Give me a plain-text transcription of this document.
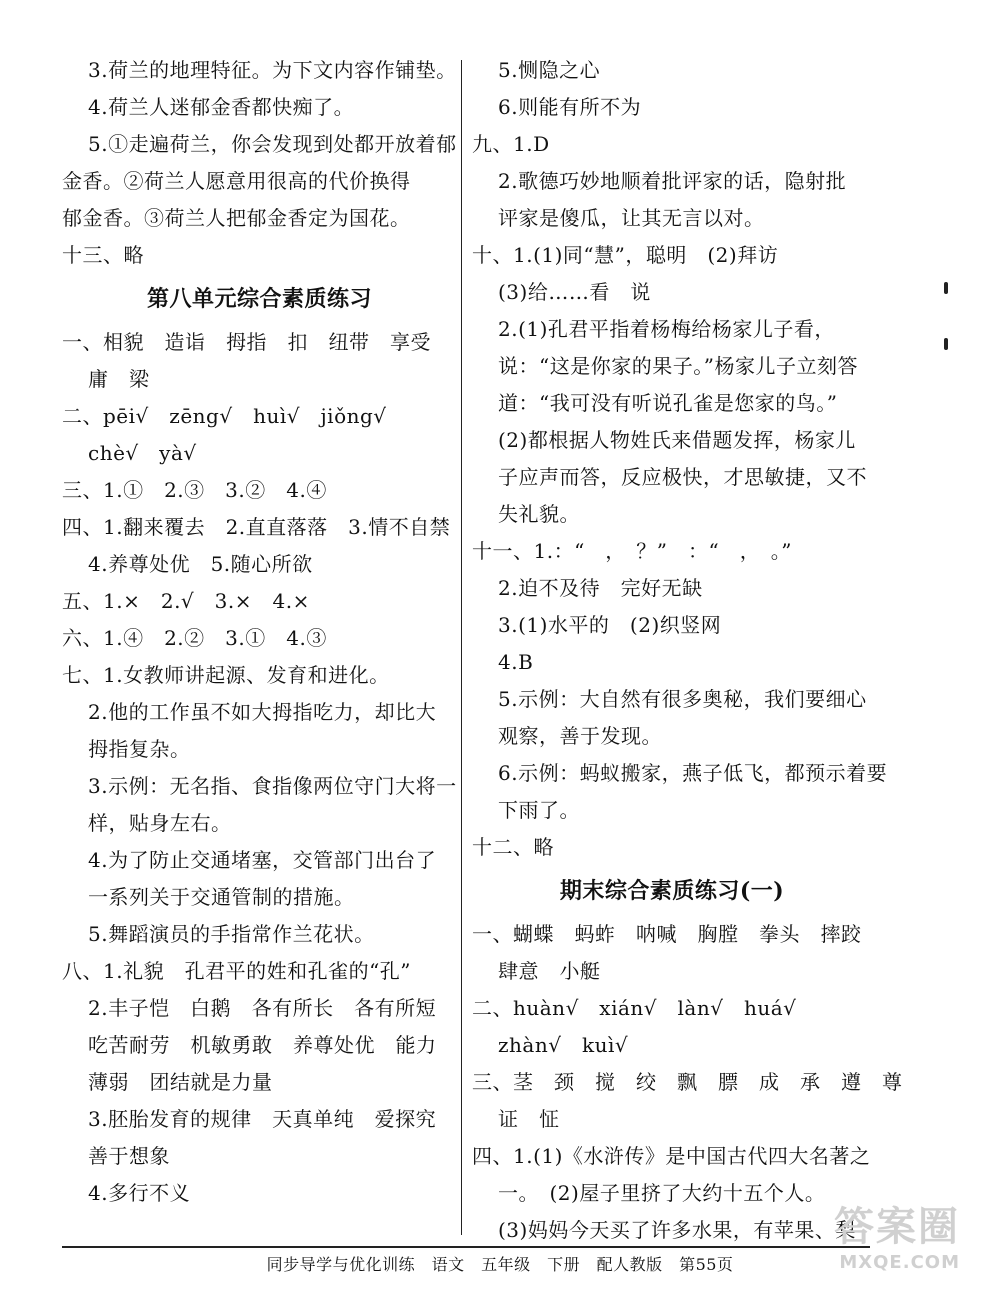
3.荷兰的地理特征。为下文内容作铺垫。
4.荷兰人迷郁金香都快痴了。
5.①走遍荷兰，你会发现到处都开放着郁
金香。②荷兰人愿意用很高的代价换得
郁金香。③荷兰人把郁金香定为国花。
十三、略
第八单元综合素质练习
一、相貌　造诣　拇指　扣　纽带　享受
庸　梁
二、pēi√　zēng√　huì√　jiǒng√
chè√　yà√
三、1.①　2.③　3.②　4.④
四、1.翻来覆去　2.直直落落　3.情不自禁
4.养尊处优　5.随心所欲
五、1.×　2.√　3.×　4.×
六、1.④　2.②　3.①　4.③
七、1.女教师讲起源、发育和进化。
2.他的工作虽不如大拇指吃力，却比大
拇指复杂。
3.示例：无名指、食指像两位守门大将一
样，贴身左右。
4.为了防止交通堵塞，交管部门出台了
一系列关于交通管制的措施。
5.舞蹈演员的手指常作兰花状。
八、1.礼貌　孔君平的姓和孔雀的“孔”
2.丰子恺　白鹅　各有所长　各有所短
吃苦耐劳　机敏勇敢　养尊处优　能力
薄弱　团结就是力量
3.胚胎发育的规律　天真单纯　爱探究
善于想象
4.多行不义
5.恻隐之心
6.则能有所不为
九、1.D
2.歌德巧妙地顺着批评家的话，隐射批
评家是傻瓜，让其无言以对。
十、1.(1)同“慧”，聪明　(2)拜访
(3)给……看　说
2.(1)孔君平指着杨梅给杨家儿子看，
说：“这是你家的果子。”杨家儿子立刻答
道：“我可没有听说孔雀是您家的鸟。”
(2)都根据人物姓氏来借题发挥，杨家儿
子应声而答，反应极快，才思敏捷，又不
失礼貌。
十一、1.：“　，　？”　：“　，　。”
2.迫不及待　完好无缺
3.(1)水平的　(2)织竖网
4.B
5.示例：大自然有很多奥秘，我们要细心
观察，善于发现。
6.示例：蚂蚁搬家，燕子低飞，都预示着要
下雨了。
十二、略
期末综合素质练习(一)
一、蝴蝶　蚂蚱　呐喊　胸膛　拳头　摔跤
肆意　小艇
二、huàn√　xián√　làn√　huá√
zhàn√　kuì√
三、茎　颈　搅　绞　飘　膘　成　承　遵　尊
证　怔
四、1.(1)《水浒传》是中国古代四大名著之
一。　(2)屋子里挤了大约十五个人。
(3)妈妈今天买了许多水果，有苹果、梨
同步导学与优化训练　语文　五年级　下册　配人教版　第55页
答案圈
MXQE.COM
